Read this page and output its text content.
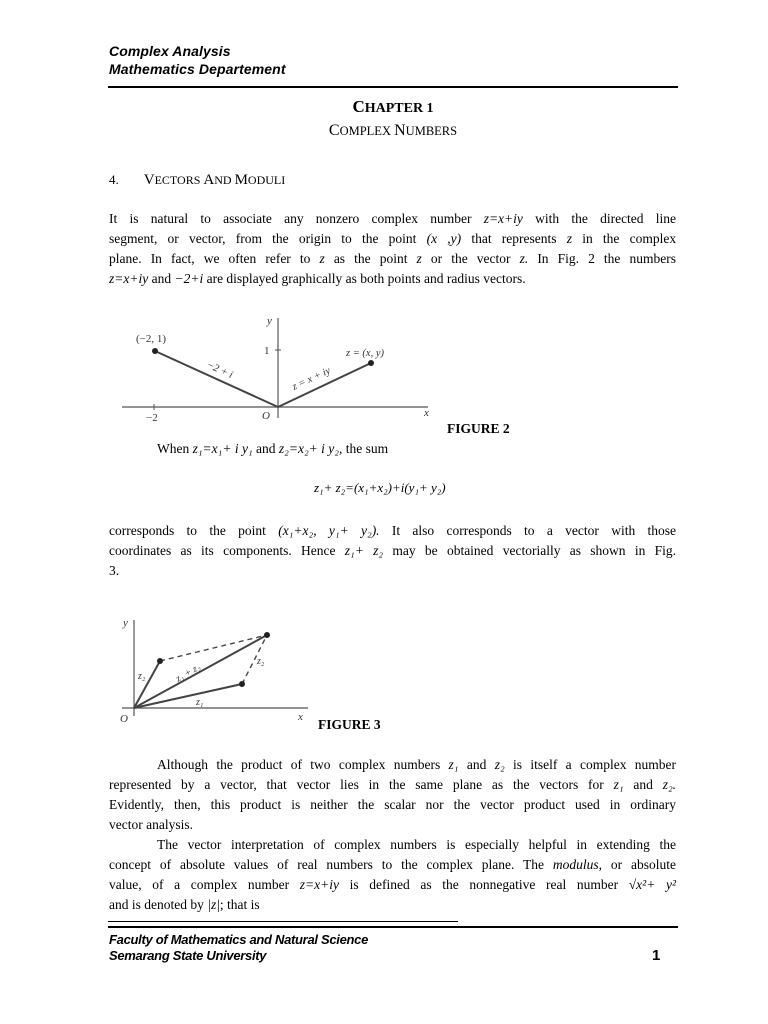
Complex Analysis
Mathematics Departement
CHAPTER 1
COMPLEX NUMBERS
4. VECTORS AND MODULI
It is natural to associate any nonzero complex number z=x+iy with the directed line
segment, or vector, from the origin to the point (x ,y) that represents z in the complex
plane. In fact, we often refer to z as the point z or the vector z. In Fig. 2 the numbers
z=x+iy and −2+i are displayed graphically as both points and radius vectors.
y
x
O
1
−2
(−2, 1)
z = (x, y)
−2 + i	z = x + iy
FIGURE 2
When z₁=x₁+ i y₁ and z₂=x₂+ i y₂, the sum
z₁+ z₂=(x₁+x₂)+i(y₁+ y₂)
corresponds to the point (x₁+x₂, y₁+ y₂). It also corresponds to a vector with those
coordinates as its components. Hence z₁+ z₂ may be obtained vectorially as shown in Fig.
3.
y
x
O
z₁
z₂
z₂
z₁ + z₂
FIGURE 3
Although the product of two complex numbers z₁ and z₂ is itself a complex number
represented by a vector, that vector lies in the same plane as the vectors for z₁ and z₂.
Evidently, then, this product is neither the scalar nor the vector product used in ordinary
vector analysis.
The vector interpretation of complex numbers is especially helpful in extending the
concept of absolute values of real numbers to the complex plane. The modulus, or absolute
value, of a complex number z=x+iy is defined as the nonnegative real number √x²+ y²
and is denoted by |z|; that is
Faculty of Mathematics and Natural Science
Semarang State University	1
